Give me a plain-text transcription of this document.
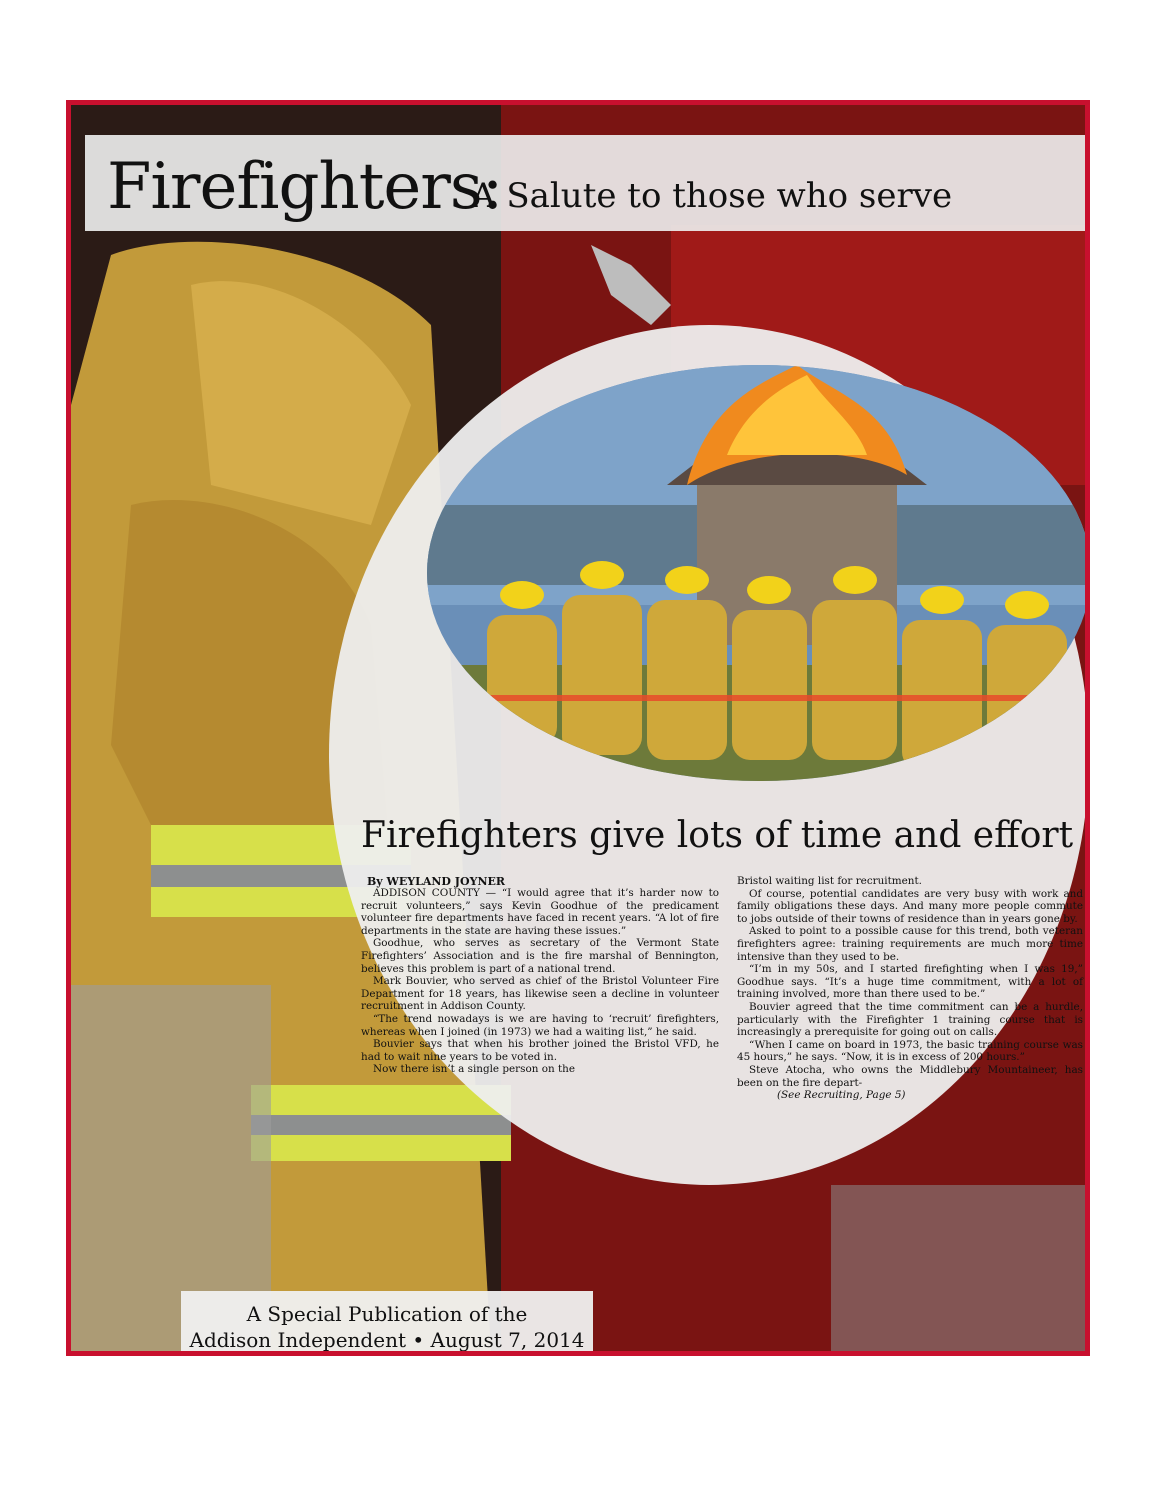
Firefighters:
A Salute to those who serve
Firefighters give lots of time and effort
By WEYLAND JOYNER

ADDISON COUNTY — “I would agree that it’s harder now to recruit volunteers,” says Kevin Goodhue of the predicament volunteer fire departments have faced in recent years. “A lot of fire departments in the state are having these issues.”

Goodhue, who serves as secretary of the Vermont State Firefighters’ Association and is the fire marshal of Bennington, believes this problem is part of a national trend.

Mark Bouvier, who served as chief of the Bristol Volunteer Fire Department for 18 years, has likewise seen a decline in volunteer recruitment in Addison County.

“The trend nowadays is we are having to ‘recruit’ firefighters, whereas when I joined (in 1973) we had a waiting list,” he said.

Bouvier says that when his brother joined the Bristol VFD, he had to wait nine years to be voted in.

Now there isn’t a single person on the

Bristol waiting list for recruitment.

Of course, potential candidates are very busy with work and family obligations these days. And many more people commute to jobs outside of their towns of residence than in years gone by.

Asked to point to a possible cause for this trend, both veteran firefighters agree: training requirements are much more time intensive than they used to be.

“I’m in my 50s, and I started firefighting when I was 19,” Goodhue says. “It’s a huge time commitment, with a lot of training involved, more than there used to be.”

Bouvier agreed that the time commitment can be a hurdle, particularly with the Firefighter 1 training course that is increasingly a prerequisite for going out on calls.

“When I came on board in 1973, the basic training course was 45 hours,” he says. “Now, it is in excess of 200 hours.”

Steve Atocha, who owns the Middlebury Mountaineer, has been on the fire depart-

(See Recruiting, Page 5)

A Special Publication of the
Addison Independent • August 7, 2014
